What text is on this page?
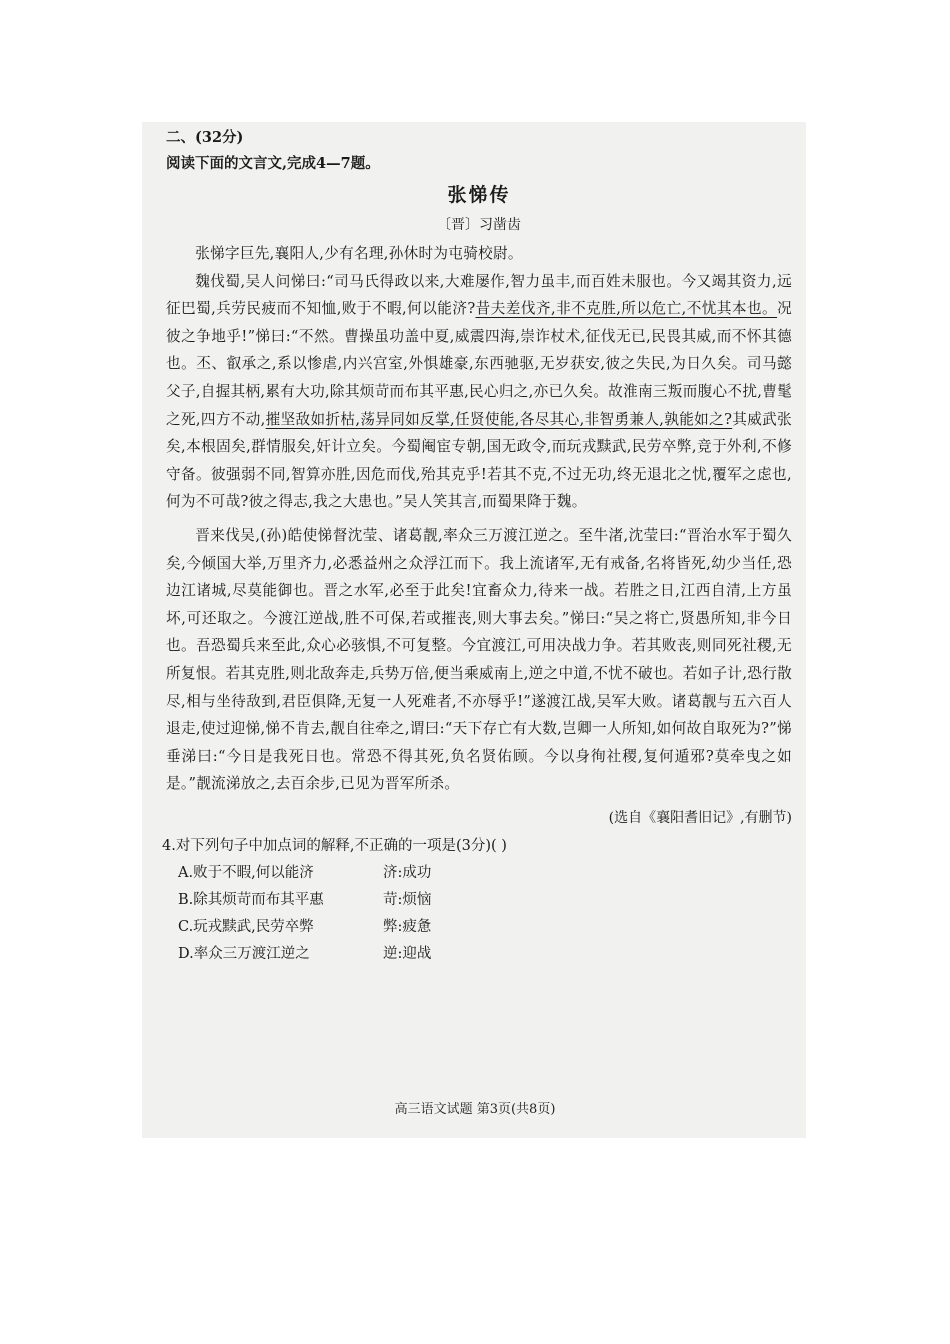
二、(32分)

阅读下面的文言文,完成4—7题。

张悌传

〔晋〕习凿齿

张悌字巨先,襄阳人,少有名理,孙休时为屯骑校尉。

魏伐蜀,吴人问悌曰:“司马氏得政以来,大难屡作,智力虽丰,而百姓未服也。今又竭其资力,远征巴蜀,兵劳民疲而不知恤,败于不暇,何以能济?昔夫差伐齐,非不克胜,所以危亡,不忧其本也。况彼之争地乎!”悌曰:“不然。曹操虽功盖中夏,威震四海,崇诈杖术,征伐无已,民畏其威,而不怀其德也。丕、叡承之,系以惨虐,内兴宫室,外惧雄豪,东西驰驱,无岁获安,彼之失民,为日久矣。司马懿父子,自握其柄,累有大功,除其烦苛而布其平惠,民心归之,亦已久矣。故淮南三叛而腹心不扰,曹髦之死,四方不动,摧坚敌如折枯,荡异同如反掌,任贤使能,各尽其心,非智勇兼人,孰能如之?其威武张矣,本根固矣,群情服矣,奸计立矣。今蜀阉宦专朝,国无政令,而玩戎黩武,民劳卒弊,竞于外利,不修守备。彼强弱不同,智算亦胜,因危而伐,殆其克乎!若其不克,不过无功,终无退北之忧,覆军之虑也,何为不可哉?彼之得志,我之大患也。”吴人笑其言,而蜀果降于魏。

晋来伐吴,(孙)皓使悌督沈莹、诸葛靓,率众三万渡江逆之。至牛渚,沈莹曰:“晋治水军于蜀久矣,今倾国大举,万里齐力,必悉益州之众浮江而下。我上流诸军,无有戒备,名将皆死,幼少当任,恐边江诸城,尽莫能御也。晋之水军,必至于此矣!宜畜众力,待来一战。若胜之日,江西自清,上方虽坏,可还取之。今渡江逆战,胜不可保,若或摧丧,则大事去矣。”悌曰:“吴之将亡,贤愚所知,非今日也。吾恐蜀兵来至此,众心必骇惧,不可复整。今宜渡江,可用决战力争。若其败丧,则同死社稷,无所复恨。若其克胜,则北敌奔走,兵势万倍,便当乘威南上,逆之中道,不忧不破也。若如子计,恐行散尽,相与坐待敌到,君臣俱降,无复一人死难者,不亦辱乎!”遂渡江战,吴军大败。诸葛靓与五六百人退走,使过迎悌,悌不肯去,靓自往牵之,谓曰:“天下存亡有大数,岂卿一人所知,如何故自取死为?”悌垂涕曰:“今日是我死日也。常恐不得其死,负名贤佑顾。今以身徇社稷,复何遁邪?莫牵曳之如是。”靓流涕放之,去百余步,已见为晋军所杀。

(选自《襄阳耆旧记》,有删节)

4.对下列句子中加点词的解释,不正确的一项是(3分)( )

A.败于不暇,何以能济	济:成功
B.除其烦苛而布其平惠	苛:烦恼
C.玩戎黩武,民劳卒弊	弊:疲惫
D.率众三万渡江逆之	逆:迎战
高三语文试题 第3页(共8页)
